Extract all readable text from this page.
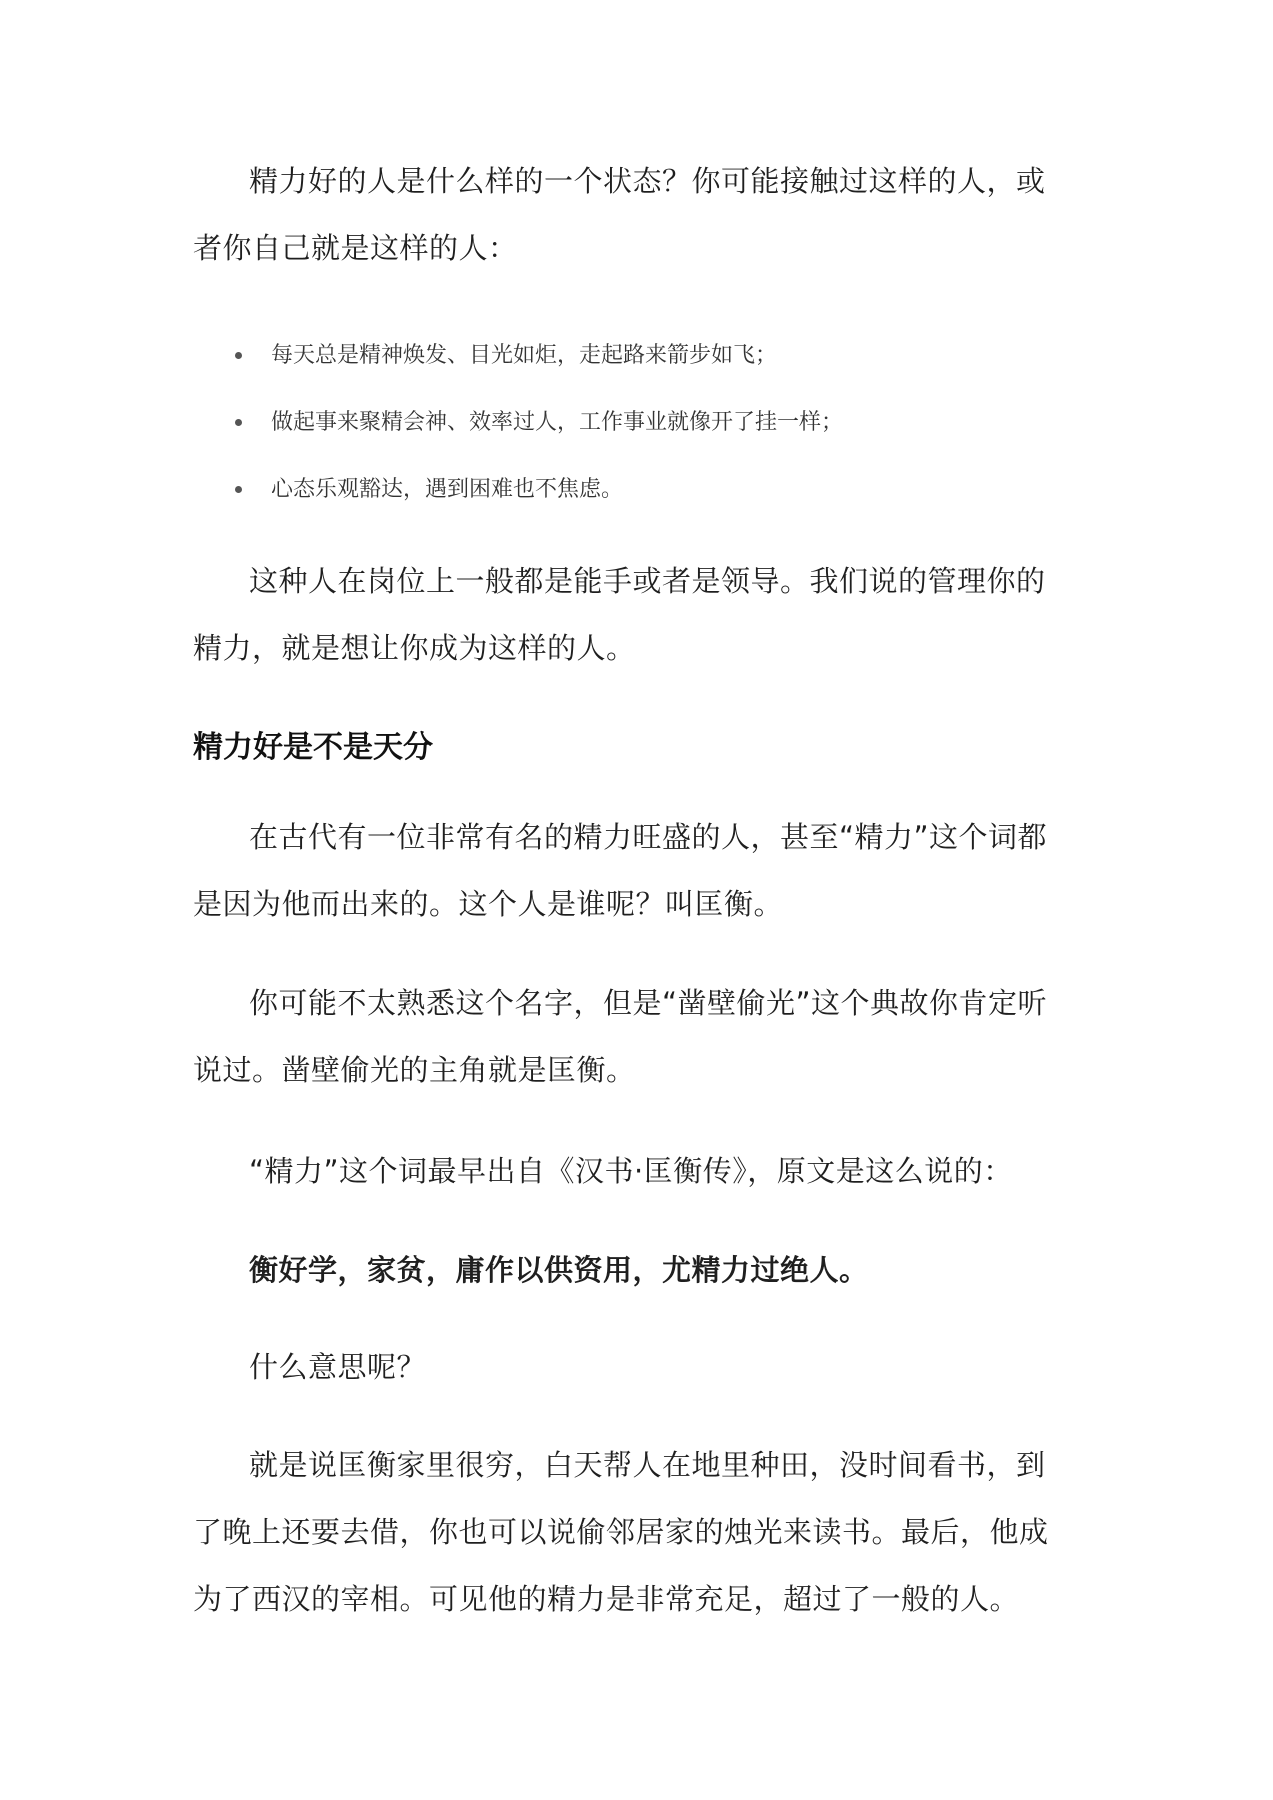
精力好的人是什么样的一个状态？你可能接触过这样的人，或者你自己就是这样的人：

每天总是精神焕发、目光如炬，走起路来箭步如飞；
做起事来聚精会神、效率过人，工作事业就像开了挂一样；
心态乐观豁达，遇到困难也不焦虑。

这种人在岗位上一般都是能手或者是领导。我们说的管理你的精力，就是想让你成为这样的人。

精力好是不是天分

在古代有一位非常有名的精力旺盛的人，甚至“精力”这个词都是因为他而出来的。这个人是谁呢？叫匡衡。

你可能不太熟悉这个名字，但是“凿壁偷光”这个典故你肯定听说过。凿壁偷光的主角就是匡衡。

“精力”这个词最早出自《汉书·匡衡传》，原文是这么说的：

衡好学，家贫，庸作以供资用，尤精力过绝人。

什么意思呢？

就是说匡衡家里很穷，白天帮人在地里种田，没时间看书，到了晚上还要去借，你也可以说偷邻居家的烛光来读书。最后，他成为了西汉的宰相。可见他的精力是非常充足，超过了一般的人。
